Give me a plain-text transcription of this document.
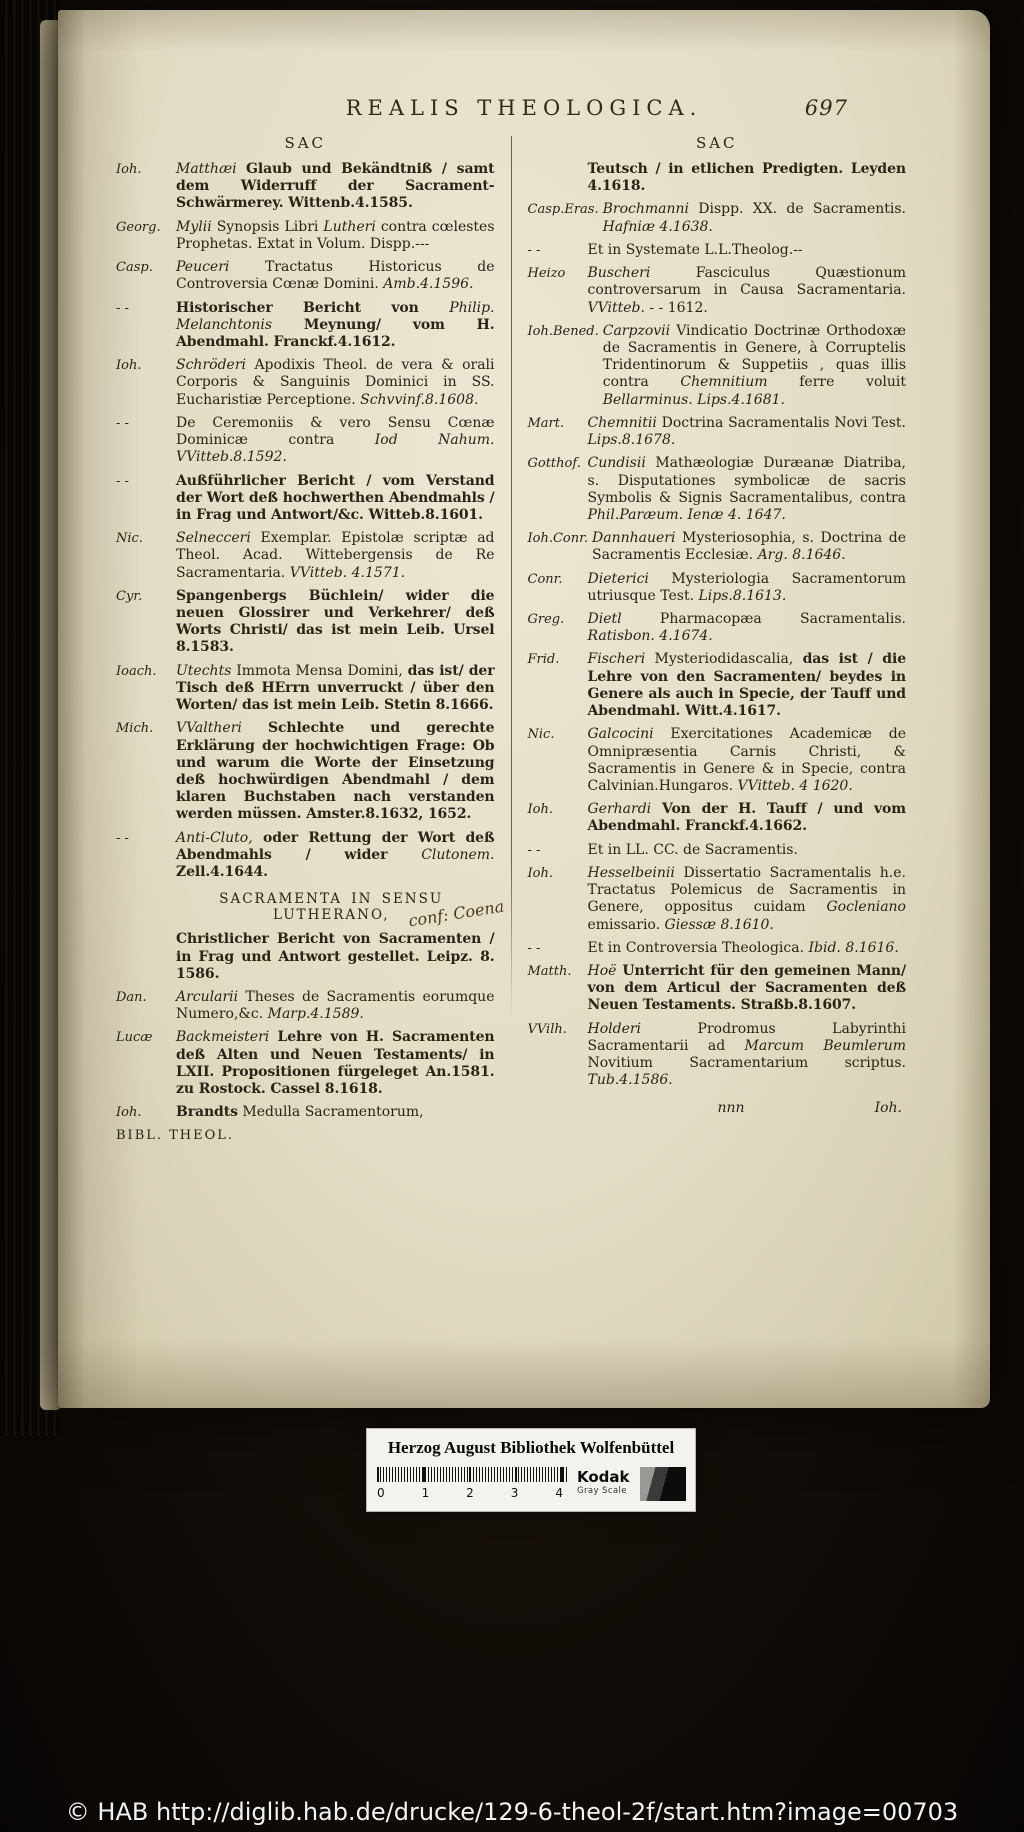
REALIS THEOLOGICA.	697
SAC
Ioh.	Matthæi Glaub und Bekändtniß / samt dem Widerruff der Sacrament-Schwärmerey. Wittenb.4.1585.
Georg.	Mylii Synopsis Libri Lutheri contra cœlestes Prophetas. Extat in Volum. Dispp.---
Casp.	Peuceri Tractatus Historicus de Controversia Cœnæ Domini. Amb.4.1596.
- -	Historischer Bericht von Philip. Melanchtonis Meynung/ vom H. Abendmahl. Franckf.4.1612.
Ioh.	Schröderi Apodixis Theol. de vera & orali Corporis & Sanguinis Dominici in SS. Eucharistiæ Perceptione. Schvvinf.8.1608.
- -	De Ceremoniis & vero Sensu Cœnæ Dominicæ contra Iod Nahum. VVitteb.8.1592.
- -	Außführlicher Bericht / vom Verstand der Wort deß hochwerthen Abendmahls / in Frag und Antwort/&c. Witteb.8.1601.
Nic.	Selnecceri Exemplar. Epistolæ scriptæ ad Theol. Acad. Wittebergensis de Re Sacramentaria. VVitteb. 4.1571.
Cyr.	Spangenbergs Büchlein/ wider die neuen Glossirer und Verkehrer/ deß Worts Christi/ das ist mein Leib. Ursel 8.1583.
Ioach.	Utechts Immota Mensa Domini, das ist/ der Tisch deß HErrn unverruckt / über den Worten/ das ist mein Leib. Stetin 8.1666.
Mich.	VValtheri Schlechte und gerechte Erklärung der hochwichtigen Frage: Ob und warum die Worte der Einsetzung deß hochwürdigen Abendmahl / dem klaren Buchstaben nach verstanden werden müssen. Amster.8.1632, 1652.
- -	Anti-Cluto, oder Rettung der Wort deß Abendmahls / wider Clutonem. Zell.4.1644.
SACRAMENTA IN SENSU LUTHERANO, conf: Coena
Christlicher Bericht von Sacramenten / in Frag und Antwort gestellet. Leipz. 8. 1586.
Dan.	Arcularii Theses de Sacramentis eorumque Numero,&c. Marp.4.1589.
Lucæ	Backmeisteri Lehre von H. Sacramenten deß Alten und Neuen Testaments/ in LXII. Propositionen fürgeleget An.1581. zu Rostock. Cassel 8.1618.
Ioh.	Brandts Medulla Sacramentorum,
BIBL. THEOL.
SAC
Teutsch / in etlichen Predigten. Leyden 4.1618.
Casp.Eras. Brochmanni Dispp. XX. de Sacramentis. Hafniæ 4.1638.
- -	Et in Systemate L.L.Theolog.--
Heizo	Buscheri Fasciculus Quæstionum controversarum in Causa Sacramentaria. VVitteb. - - 1612.
Ioh.Bened. Carpzovii Vindicatio Doctrinæ Orthodoxæ de Sacramentis in Genere, à Corruptelis Tridentinorum & Suppetiis , quas illis contra Chemnitium ferre voluit Bellarminus. Lips.4.1681.
Mart.	Chemnitii Doctrina Sacramentalis Novi Test. Lips.8.1678.
Gotthof. Cundisii Mathæologiæ Duræanæ Diatriba, s. Disputationes symbolicæ de sacris Symbolis & Signis Sacramentalibus, contra Phil.Paræum. Ienæ 4. 1647.
Ioh.Conr. Dannhaueri Mysteriosophia, s. Doctrina de Sacramentis Ecclesiæ. Arg. 8.1646.
Conr.	Dieterici Mysteriologia Sacramentorum utriusque Test. Lips.8.1613.
Greg.	Dietl Pharmacopæa Sacramentalis. Ratisbon. 4.1674.
Frid.	Fischeri Mysteriodidascalia, das ist / die Lehre von den Sacramenten/ beydes in Genere als auch in Specie, der Tauff und Abendmahl. Witt.4.1617.
Nic.	Galcocini Exercitationes Academicæ de Omnipræsentia Carnis Christi, & Sacramentis in Genere & in Specie, contra Calvinian.Hungaros. VVitteb. 4 1620.
Ioh.	Gerhardi Von der H. Tauff / und vom Abendmahl. Franckf.4.1662.
- -	Et in LL. CC. de Sacramentis.
Ioh.	Hesselbeinii Dissertatio Sacramentalis h.e. Tractatus Polemicus de Sacramentis in Genere, oppositus cuidam Gocleniano emissario. Giessæ 8.1610.
- -	Et in Controversia Theologica. Ibid. 8.1616.
Matth.	Hoë Unterricht für den gemeinen Mann/ von dem Articul der Sacramenten deß Neuen Testaments. Straßb.8.1607.
VVilh.	Holderi Prodromus Labyrinthi Sacramentarii ad Marcum Beumlerum Novitium Sacramentarium scriptus. Tub.4.1586.
nnn	Ioh.
Herzog August Bibliothek Wolfenbüttel
0	1	2	3	4
Kodak
Gray Scale
© HAB http://diglib.hab.de/drucke/129-6-theol-2f/start.htm?image=00703
